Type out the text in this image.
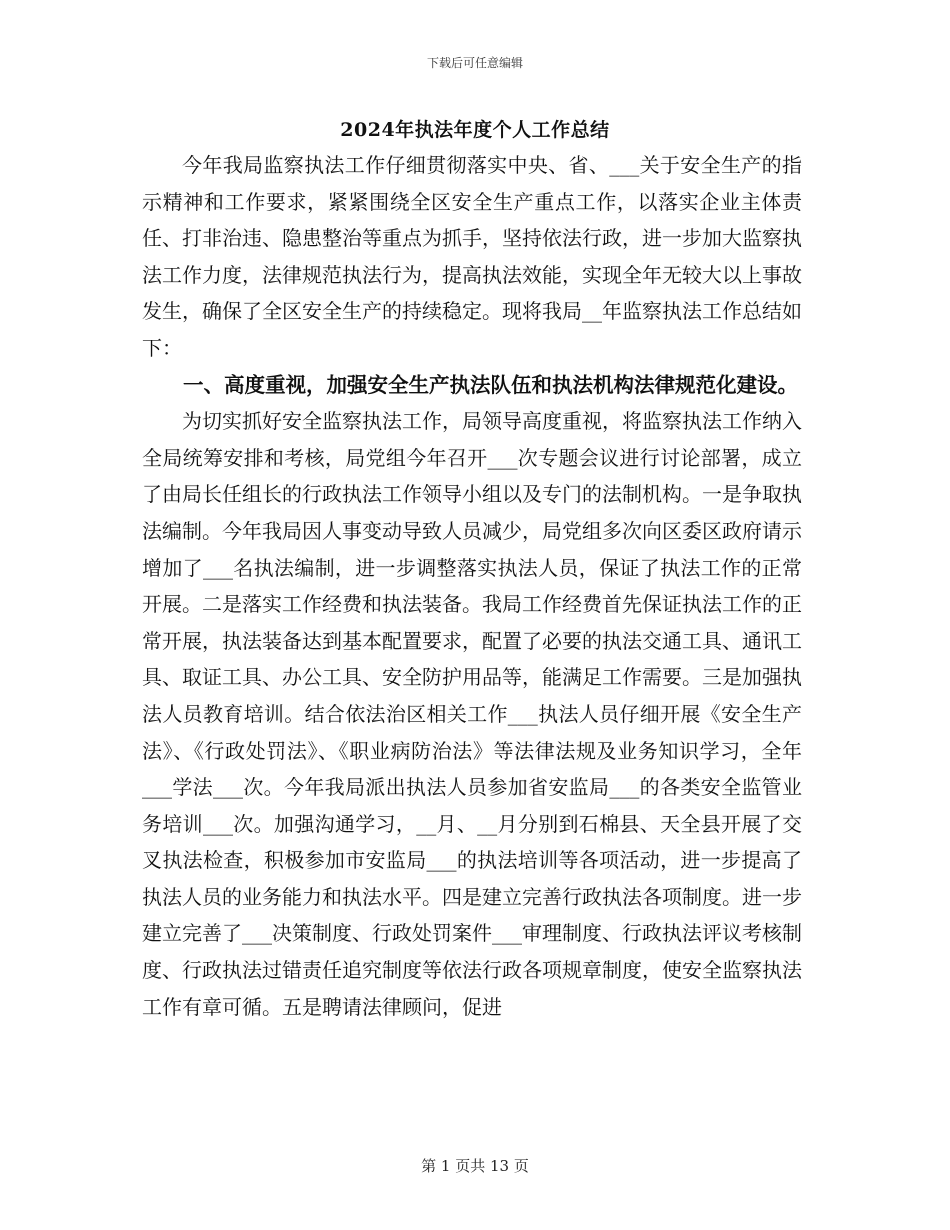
下载后可任意编辑
2024年执法年度个人工作总结

今年我局监察执法工作仔细贯彻落实中央、省、___关于安全生产的指示精神和工作要求，紧紧围绕全区安全生产重点工作，以落实企业主体责任、打非治违、隐患整治等重点为抓手，坚持依法行政，进一步加大监察执法工作力度，法律规范执法行为，提高执法效能，实现全年无较大以上事故发生，确保了全区安全生产的持续稳定。现将我局__年监察执法工作总结如下：

一、高度重视，加强安全生产执法队伍和执法机构法律规范化建设。

为切实抓好安全监察执法工作，局领导高度重视，将监察执法工作纳入全局统筹安排和考核，局党组今年召开___次专题会议进行讨论部署，成立了由局长任组长的行政执法工作领导小组以及专门的法制机构。一是争取执法编制。今年我局因人事变动导致人员减少，局党组多次向区委区政府请示增加了___名执法编制，进一步调整落实执法人员，保证了执法工作的正常开展。二是落实工作经费和执法装备。我局工作经费首先保证执法工作的正常开展，执法装备达到基本配置要求，配置了必要的执法交通工具、通讯工具、取证工具、办公工具、安全防护用品等，能满足工作需要。三是加强执法人员教育培训。结合依法治区相关工作___执法人员仔细开展《安全生产法》、《行政处罚法》、《职业病防治法》等法律法规及业务知识学习，全年___学法___次。今年我局派出执法人员参加省安监局___的各类安全监管业务培训___次。加强沟通学习，__月、__月分别到石棉县、天全县开展了交叉执法检查，积极参加市安监局___的执法培训等各项活动，进一步提高了执法人员的业务能力和执法水平。四是建立完善行政执法各项制度。进一步建立完善了___决策制度、行政处罚案件___审理制度、行政执法评议考核制度、行政执法过错责任追究制度等依法行政各项规章制度，使安全监察执法工作有章可循。五是聘请法律顾问，促进

第 1 页共 13 页
